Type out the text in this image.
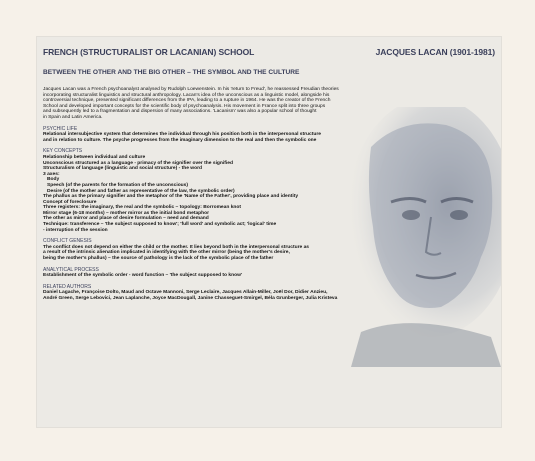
FRENCH (STRUCTURALIST OR LACANIAN) SCHOOL	JACQUES LACAN (1901-1981)
BETWEEN THE OTHER AND THE BIG OTHER – THE SYMBOL AND THE CULTURE

Jacques Lacan was a French psychoanalyst analysed by Rudolph Loewenstein. In his 'return to Freud', he reassessed Freudian theories
incorporating structuralist linguistics and structural anthropology. Lacan's idea of the unconscious as a linguistic model, alongside his
controversial technique, presented significant differences from the IPA, leading to a rupture in 1964. He was the creator of the French
School and developed important concepts for the scientific body of psychoanalysis. His movement in France split into three groups
and subsequently led to a fragmentation and dispersion of many associations. 'Lacanism' was also a popular school of thought
in Spain and Latin America.

PSYCHIC LIFE

Relational intersubjective system that determines the individual through his position both in the interpersonal structure
and in relation to culture. The psyche progresses from the imaginary dimension to the real and then the symbolic one

KEY CONCEPTS

Relationship between individual and culture
Unconscious structured as a language - primacy of the signifier over the signified
Structuralism of language (linguistic and social structure) - the word
3 axes:
Body
Speech (of the parents for the formation of the unconscious)
Desire (of the mother and father as representative of the law, the symbolic order)
The phallus as the primary signifier and the metaphor of the 'Name of the Father', providing place and identity
Concept of foreclosure
Three registers: the imaginary, the real and the symbolic – topology: Borromean knot
Mirror stage (6-18 months) – mother mirror as the initial bond metaphor
The other as mirror and place of desire formulation – need and demand
Technique: transference – 'the subject supposed to know'; 'full word' and symbolic act; 'logical' time
- interruption of the session

CONFLICT GENESIS

The conflict does not depend on either the child or the mother. It lies beyond both in the interpersonal structure as
a result of the intrinsic alienation implicated in identifying with the other mirror (being the mother's desire,
being the mother's phallus) – the source of pathology is the lack of the symbolic place of the father

ANALYTICAL PROCESS

Establishment of the symbolic order - word function – 'the subject supposed to know'

RELATED AUTHORS

Daniel Lagache, Françoise Dolto, Maud and Octave Mannoni, Serge Leclaire, Jacques Allain-Miller, Joël Dor, Didier Anzieu,
André Green, Serge Lebovici, Jean Laplanche, Joyce MacDougall, Janine Chasseguet-Smirgel, Béla Grunberger, Julia Kristeva
